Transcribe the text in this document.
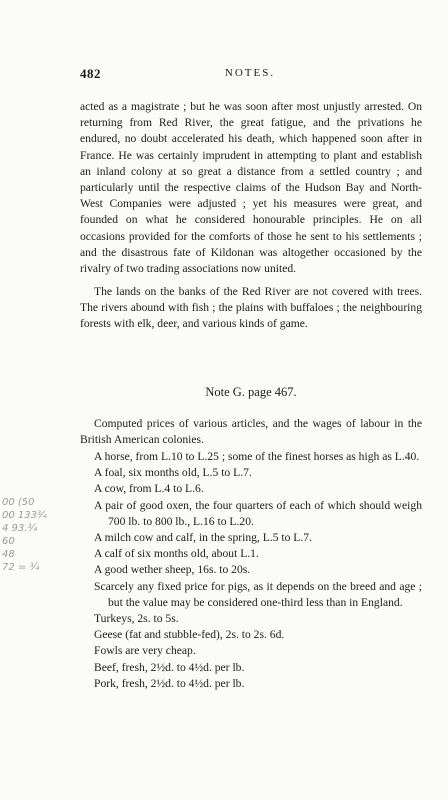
482	NOTES.

acted as a magistrate ; but he was soon after most unjustly arrested. On returning from Red River, the great fatigue, and the privations he endured, no doubt accelerated his death, which happened soon after in France. He was certainly imprudent in attempting to plant and establish an inland colony at so great a distance from a settled country ; and particularly until the respective claims of the Hudson Bay and North-West Companies were adjusted ; yet his measures were great, and founded on what he considered honourable principles. He on all occasions provided for the comforts of those he sent to his settlements ; and the disastrous fate of Kildonan was altogether occasioned by the rivalry of two trading associations now united.

The lands on the banks of the Red River are not covered with trees. The rivers abound with fish ; the plains with buffaloes ; the neighbouring forests with elk, deer, and various kinds of game.

Note G. page 467.

Computed prices of various articles, and the wages of labour in the British American colonies.

A horse, from L.10 to L.25 ; some of the finest horses as high as L.40.
A foal, six months old, L.5 to L.7.
A cow, from L.4 to L.6.
A pair of good oxen, the four quarters of each of which should weigh 700 lb. to 800 lb., L.16 to L.20.
A milch cow and calf, in the spring, L.5 to L.7.
A calf of six months old, about L.1.
A good wether sheep, 16s. to 20s.
Scarcely any fixed price for pigs, as it depends on the breed and age ; but the value may be considered one-third less than in England.
Turkeys, 2s. to 5s.
Geese (fat and stubble-fed), 2s. to 2s. 6d.
Fowls are very cheap.
Beef, fresh, 2½d. to 4½d. per lb.
Pork, fresh, 2½d. to 4½d. per lb.
00 (50
00 133¾
4 93.¾
60
48
72 = ¾
